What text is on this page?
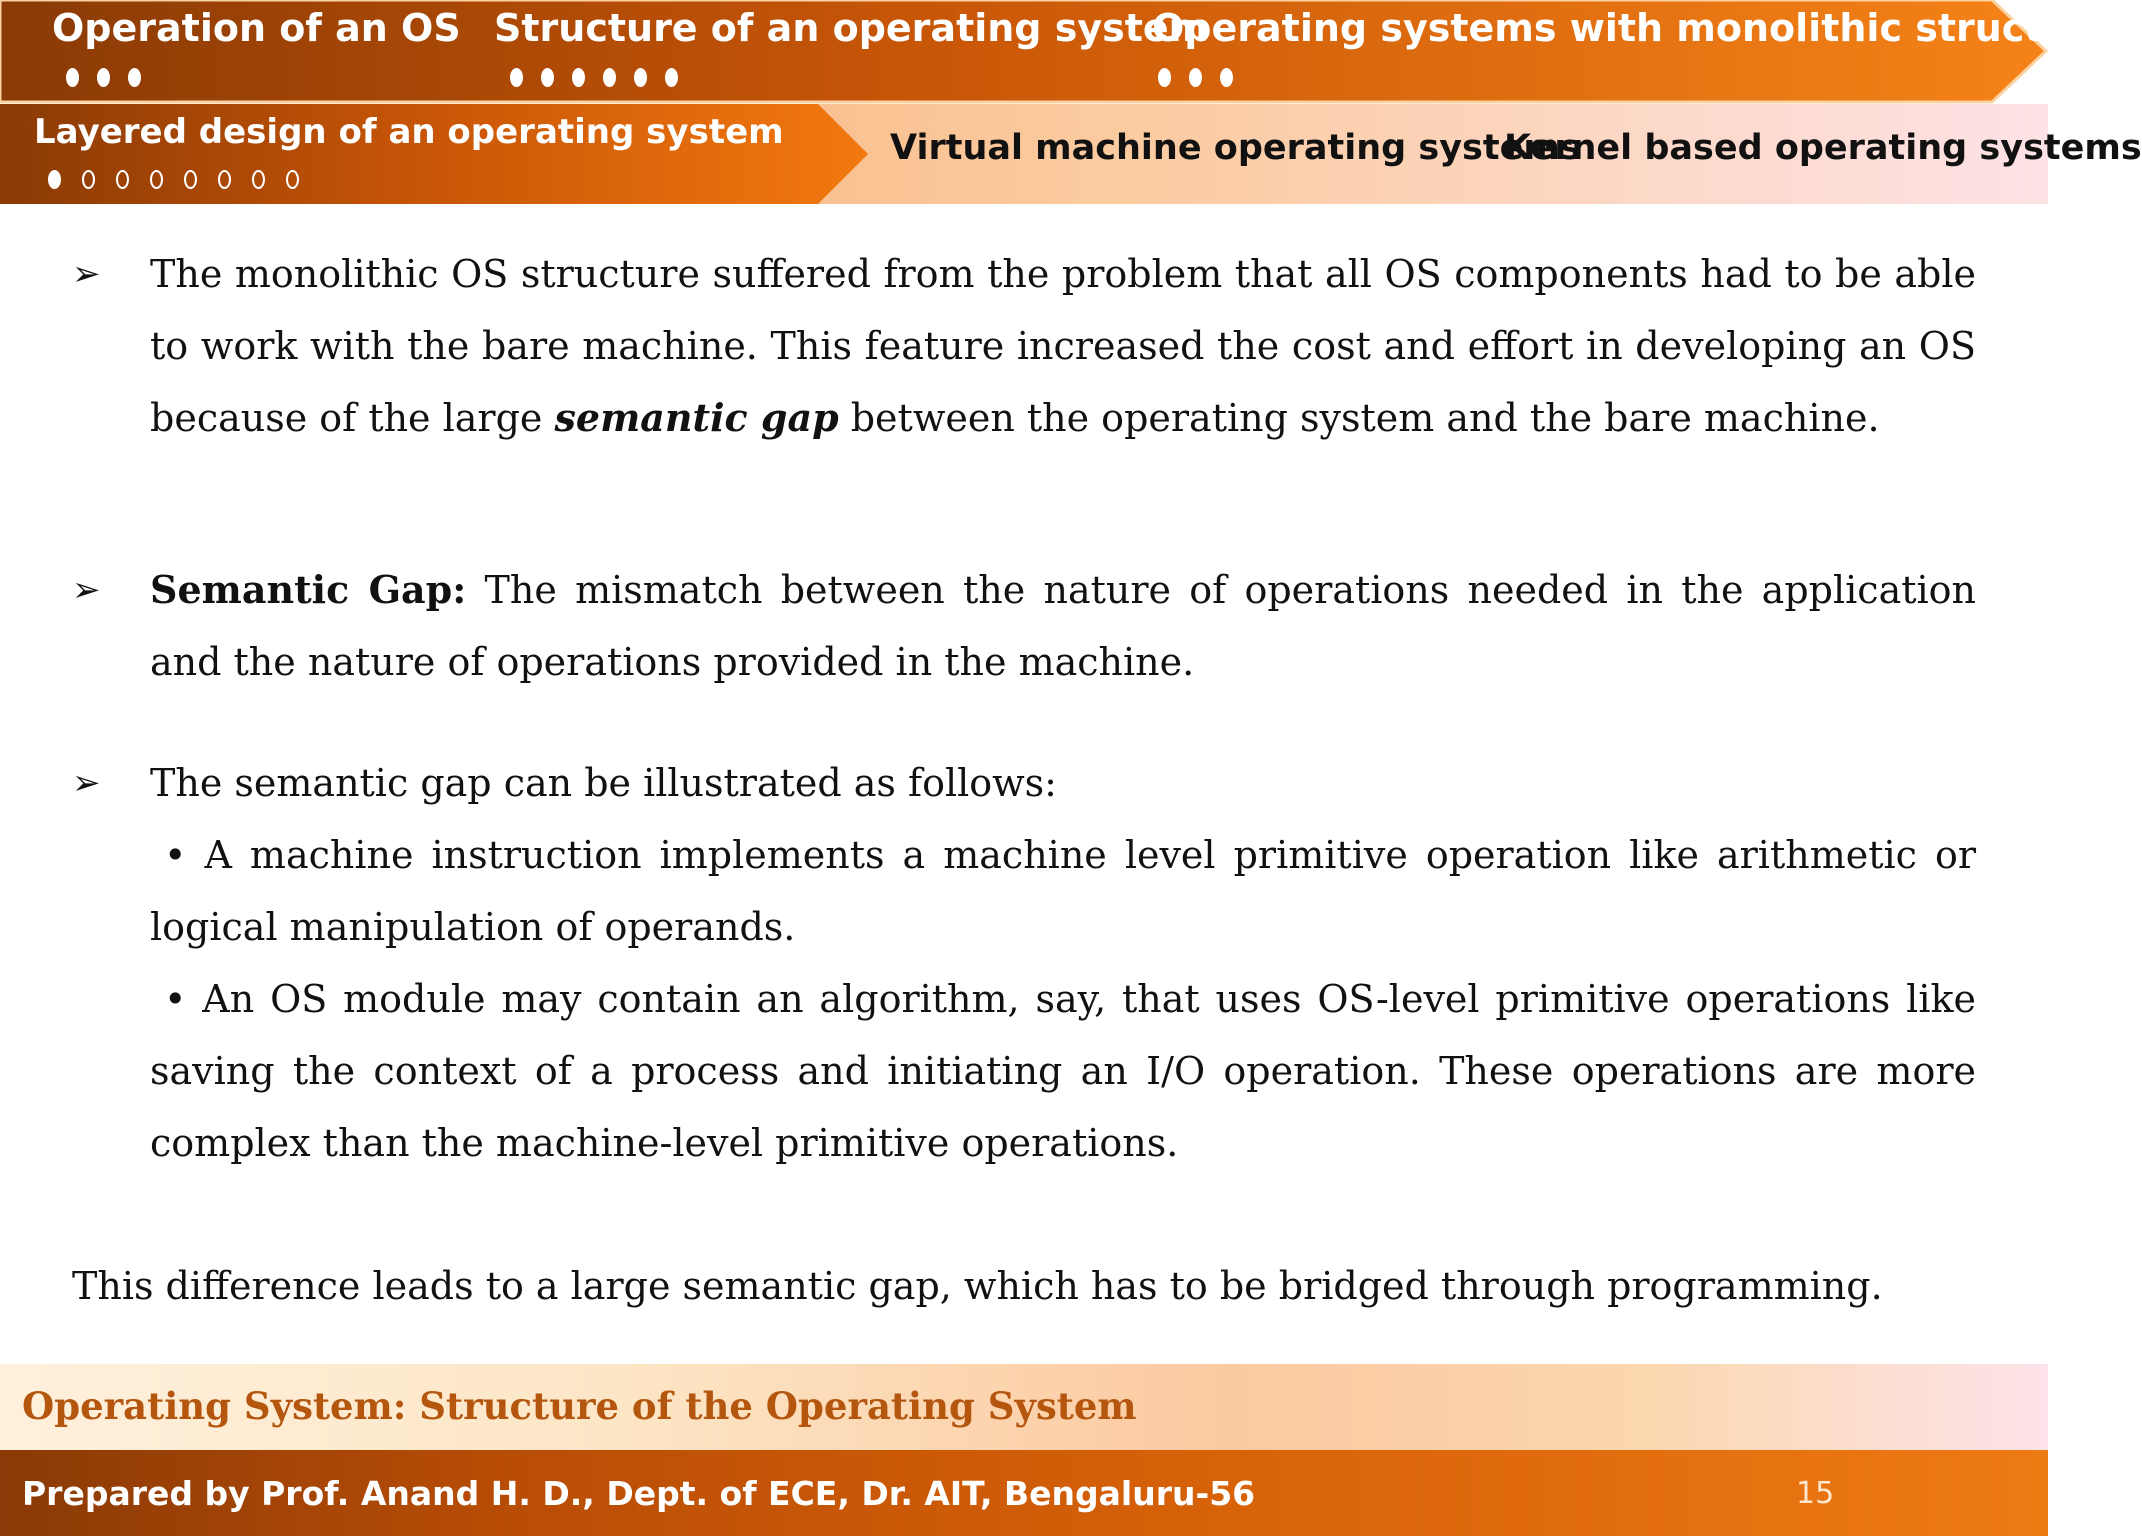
Operation of an OS Structure of an operating system
Operating systems with monolithic structure
Layered design of an operating system	Virtual machine operating systems
Kernel based operating systems
➢ The monolithic OS structure suffered from the problem that all OS components had to be able to work with the bare machine. This feature increased the cost and effort in developing an OS because of the large semantic gap between the operating system and the bare machine.
➢ Semantic Gap: The mismatch between the nature of operations needed in the application and the nature of operations provided in the machine.
➢ The semantic gap can be illustrated as follows:
• A machine instruction implements a machine level primitive operation like arithmetic or logical manipulation of operands.
• An OS module may contain an algorithm, say, that uses OS-level primitive operations like saving the context of a process and initiating an I/O operation. These operations are more complex than the machine-level primitive operations.
This difference leads to a large semantic gap, which has to be bridged through programming.
Operating System: Structure of the Operating System
Prepared by Prof. Anand H. D., Dept. of ECE, Dr. AIT, Bengaluru-56	15
